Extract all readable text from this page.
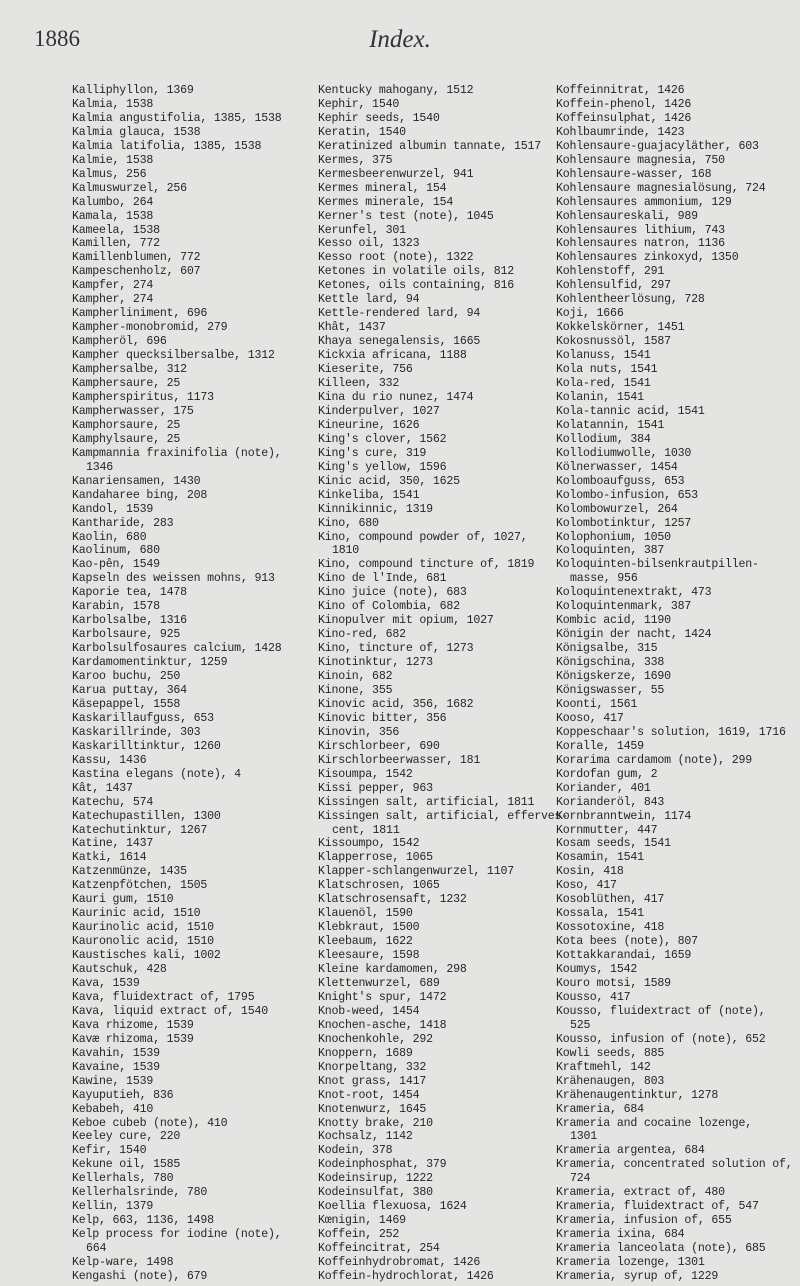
1886	Index.
Kalliphyllon, 1369
Kalmia, 1538
Kalmia angustifolia, 1385, 1538
Kalmia glauca, 1538
Kalmia latifolia, 1385, 1538
Kalmie, 1538
Kalmus, 256
Kalmuswurzel, 256
Kalumbo, 264
Kamala, 1538
Kameela, 1538
Kamillen, 772
Kamillenblumen, 772
Kampeschenholz, 607
Kampfer, 274
Kampher, 274
Kampherliniment, 696
Kampher-monobromid, 279
Kampheröl, 696
Kampher quecksilbersalbe, 1312
Kamphersalbe, 312
Kamphersaure, 25
Kampherspiritus, 1173
Kampherwasser, 175
Kamphorsaure, 25
Kamphylsaure, 25
Kampmannia fraxinifolia (note),
1346
Kanariensamen, 1430
Kandaharee bing, 208
Kandol, 1539
Kantharide, 283
Kaolin, 680
Kaolinum, 680
Kao-pên, 1549
Kapseln des weissen mohns, 913
Kaporie tea, 1478
Karabin, 1578
Karbolsalbe, 1316
Karbolsaure, 925
Karbolsulfosaures calcium, 1428
Kardamomentinktur, 1259
Karoo buchu, 250
Karua puttay, 364
Käsepappel, 1558
Kaskarillaufguss, 653
Kaskarillrinde, 303
Kaskarilltinktur, 1260
Kassu, 1436
Kastina elegans (note), 4
Kât, 1437
Katechu, 574
Katechupastillen, 1300
Katechutinktur, 1267
Katine, 1437
Katki, 1614
Katzenmünze, 1435
Katzenpfötchen, 1505
Kauri gum, 1510
Kaurinic acid, 1510
Kaurinolic acid, 1510
Kauronolic acid, 1510
Kaustisches kali, 1002
Kautschuk, 428
Kava, 1539
Kava, fluidextract of, 1795
Kava, liquid extract of, 1540
Kava rhizome, 1539
Kavæ rhizoma, 1539
Kavahin, 1539
Kavaine, 1539
Kawine, 1539
Kayuputieh, 836
Kebabeh, 410
Keboe cubeb (note), 410
Keeley cure, 220
Kefir, 1540
Kekune oil, 1585
Kellerhals, 780
Kellerhalsrinde, 780
Kellin, 1379
Kelp, 663, 1136, 1498
Kelp process for iodine (note),
664
Kelp-ware, 1498
Kengashi (note), 679
Kentucky mahogany, 1512
Kephir, 1540
Kephir seeds, 1540
Keratin, 1540
Keratinized albumin tannate, 1517
Kermes, 375
Kermesbeerenwurzel, 941
Kermes mineral, 154
Kermes minerale, 154
Kerner's test (note), 1045
Kerunfel, 301
Kesso oil, 1323
Kesso root (note), 1322
Ketones in volatile oils, 812
Ketones, oils containing, 816
Kettle lard, 94
Kettle-rendered lard, 94
Khât, 1437
Khaya senegalensis, 1665
Kickxia africana, 1188
Kieserite, 756
Killeen, 332
Kina du rio nunez, 1474
Kinderpulver, 1027
Kineurine, 1626
King's clover, 1562
King's cure, 319
King's yellow, 1596
Kinic acid, 350, 1625
Kinkeliba, 1541
Kinnikinnic, 1319
Kino, 680
Kino, compound powder of, 1027,
1810
Kino, compound tincture of, 1819
Kino de l'Inde, 681
Kino juice (note), 683
Kino of Colombia, 682
Kinopulver mit opium, 1027
Kino-red, 682
Kino, tincture of, 1273
Kinotinktur, 1273
Kinoin, 682
Kinone, 355
Kinovic acid, 356, 1682
Kinovic bitter, 356
Kinovin, 356
Kirschlorbeer, 690
Kirschlorbeerwasser, 181
Kisoumpa, 1542
Kissi pepper, 963
Kissingen salt, artificial, 1811
Kissingen salt, artificial, efferves-
cent, 1811
Kissoumpo, 1542
Klapperrose, 1065
Klapper-schlangenwurzel, 1107
Klatschrosen, 1065
Klatschrosensaft, 1232
Klauenöl, 1590
Klebkraut, 1500
Kleebaum, 1622
Kleesaure, 1598
Kleine kardamomen, 298
Klettenwurzel, 689
Knight's spur, 1472
Knob-weed, 1454
Knochen-asche, 1418
Knochenkohle, 292
Knoppern, 1689
Knorpeltang, 332
Knot grass, 1417
Knot-root, 1454
Knotenwurz, 1645
Knotty brake, 210
Kochsalz, 1142
Kodein, 378
Kodeinphosphat, 379
Kodeinsirup, 1222
Kodeinsulfat, 380
Koellia flexuosa, 1624
Kœnigin, 1469
Koffein, 252
Koffeincitrat, 254
Koffeinhydrobromat, 1426
Koffein-hydrochlorat, 1426
Koffeinnitrat, 1426
Koffein-phenol, 1426
Koffeinsulphat, 1426
Kohlbaumrinde, 1423
Kohlensaure-guajacyläther, 603
Kohlensaure magnesia, 750
Kohlensaure-wasser, 168
Kohlensaure magnesialösung, 724
Kohlensaures ammonium, 129
Kohlensaureskali, 989
Kohlensaures lithium, 743
Kohlensaures natron, 1136
Kohlensaures zinkoxyd, 1350
Kohlenstoff, 291
Kohlensulfid, 297
Kohlentheerlösung, 728
Koji, 1666
Kokkelskörner, 1451
Kokosnussöl, 1587
Kolanuss, 1541
Kola nuts, 1541
Kola-red, 1541
Kolanin, 1541
Kola-tannic acid, 1541
Kolatannin, 1541
Kollodium, 384
Kollodiumwolle, 1030
Kölnerwasser, 1454
Kolomboaufguss, 653
Kolombo-infusion, 653
Kolombowurzel, 264
Kolombotinktur, 1257
Kolophonium, 1050
Koloquinten, 387
Koloquinten-bilsenkrautpillen-
masse, 956
Koloquintenextrakt, 473
Koloquintenmark, 387
Kombic acid, 1190
Königin der nacht, 1424
Königsalbe, 315
Königschina, 338
Königskerze, 1690
Königswasser, 55
Koonti, 1561
Kooso, 417
Koppeschaar's solution, 1619, 1716
Koralle, 1459
Korarima cardamom (note), 299
Kordofan gum, 2
Koriander, 401
Korianderöl, 843
Kornbranntwein, 1174
Kornmutter, 447
Kosam seeds, 1541
Kosamin, 1541
Kosin, 418
Koso, 417
Kosoblüthen, 417
Kossala, 1541
Kossotoxine, 418
Kota bees (note), 807
Kottakkarandai, 1659
Koumys, 1542
Kouro motsi, 1589
Kousso, 417
Kousso, fluidextract of (note),
525
Kousso, infusion of (note), 652
Kowli seeds, 885
Kraftmehl, 142
Krähenaugen, 803
Krähenaugentinktur, 1278
Krameria, 684
Krameria and cocaine lozenge,
1301
Krameria argentea, 684
Krameria, concentrated solution of,
724
Krameria, extract of, 480
Krameria, fluidextract of, 547
Krameria, infusion of, 655
Krameria ixina, 684
Krameria lanceolata (note), 685
Krameria lozenge, 1301
Krameria, syrup of, 1229
